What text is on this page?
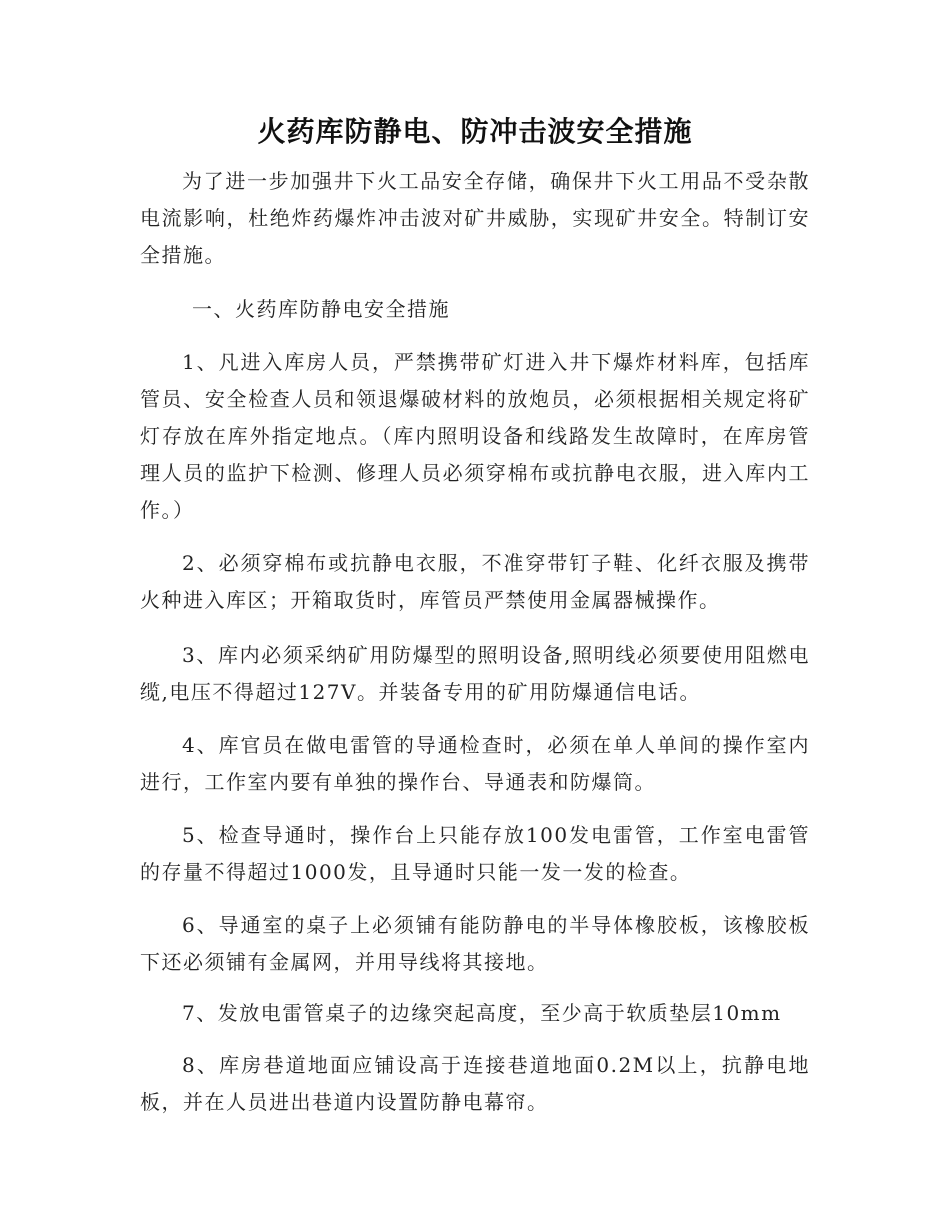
火药库防静电、防冲击波安全措施

为了进一步加强井下火工品安全存储，确保井下火工用品不受杂散电流影响，杜绝炸药爆炸冲击波对矿井威胁，实现矿井安全。特制订安全措施。

一、火药库防静电安全措施

1、凡进入库房人员，严禁携带矿灯进入井下爆炸材料库，包括库管员、安全检查人员和领退爆破材料的放炮员，必须根据相关规定将矿灯存放在库外指定地点。（库内照明设备和线路发生故障时，在库房管理人员的监护下检测、修理人员必须穿棉布或抗静电衣服，进入库内工作。）

2、必须穿棉布或抗静电衣服，不准穿带钉子鞋、化纤衣服及携带火种进入库区；开箱取货时，库管员严禁使用金属器械操作。

3、库内必须采纳矿用防爆型的照明设备,照明线必须要使用阻燃电缆,电压不得超过127V。并装备专用的矿用防爆通信电话。

4、库官员在做电雷管的导通检查时，必须在单人单间的操作室内进行，工作室内要有单独的操作台、导通表和防爆筒。

5、检查导通时，操作台上只能存放100发电雷管，工作室电雷管的存量不得超过1000发，且导通时只能一发一发的检查。

6、导通室的桌子上必须铺有能防静电的半导体橡胶板，该橡胶板下还必须铺有金属网，并用导线将其接地。

7、发放电雷管桌子的边缘突起高度，至少高于软质垫层10mm

8、库房巷道地面应铺设高于连接巷道地面0.2M以上，抗静电地板，并在人员进出巷道内设置防静电幕帘。
